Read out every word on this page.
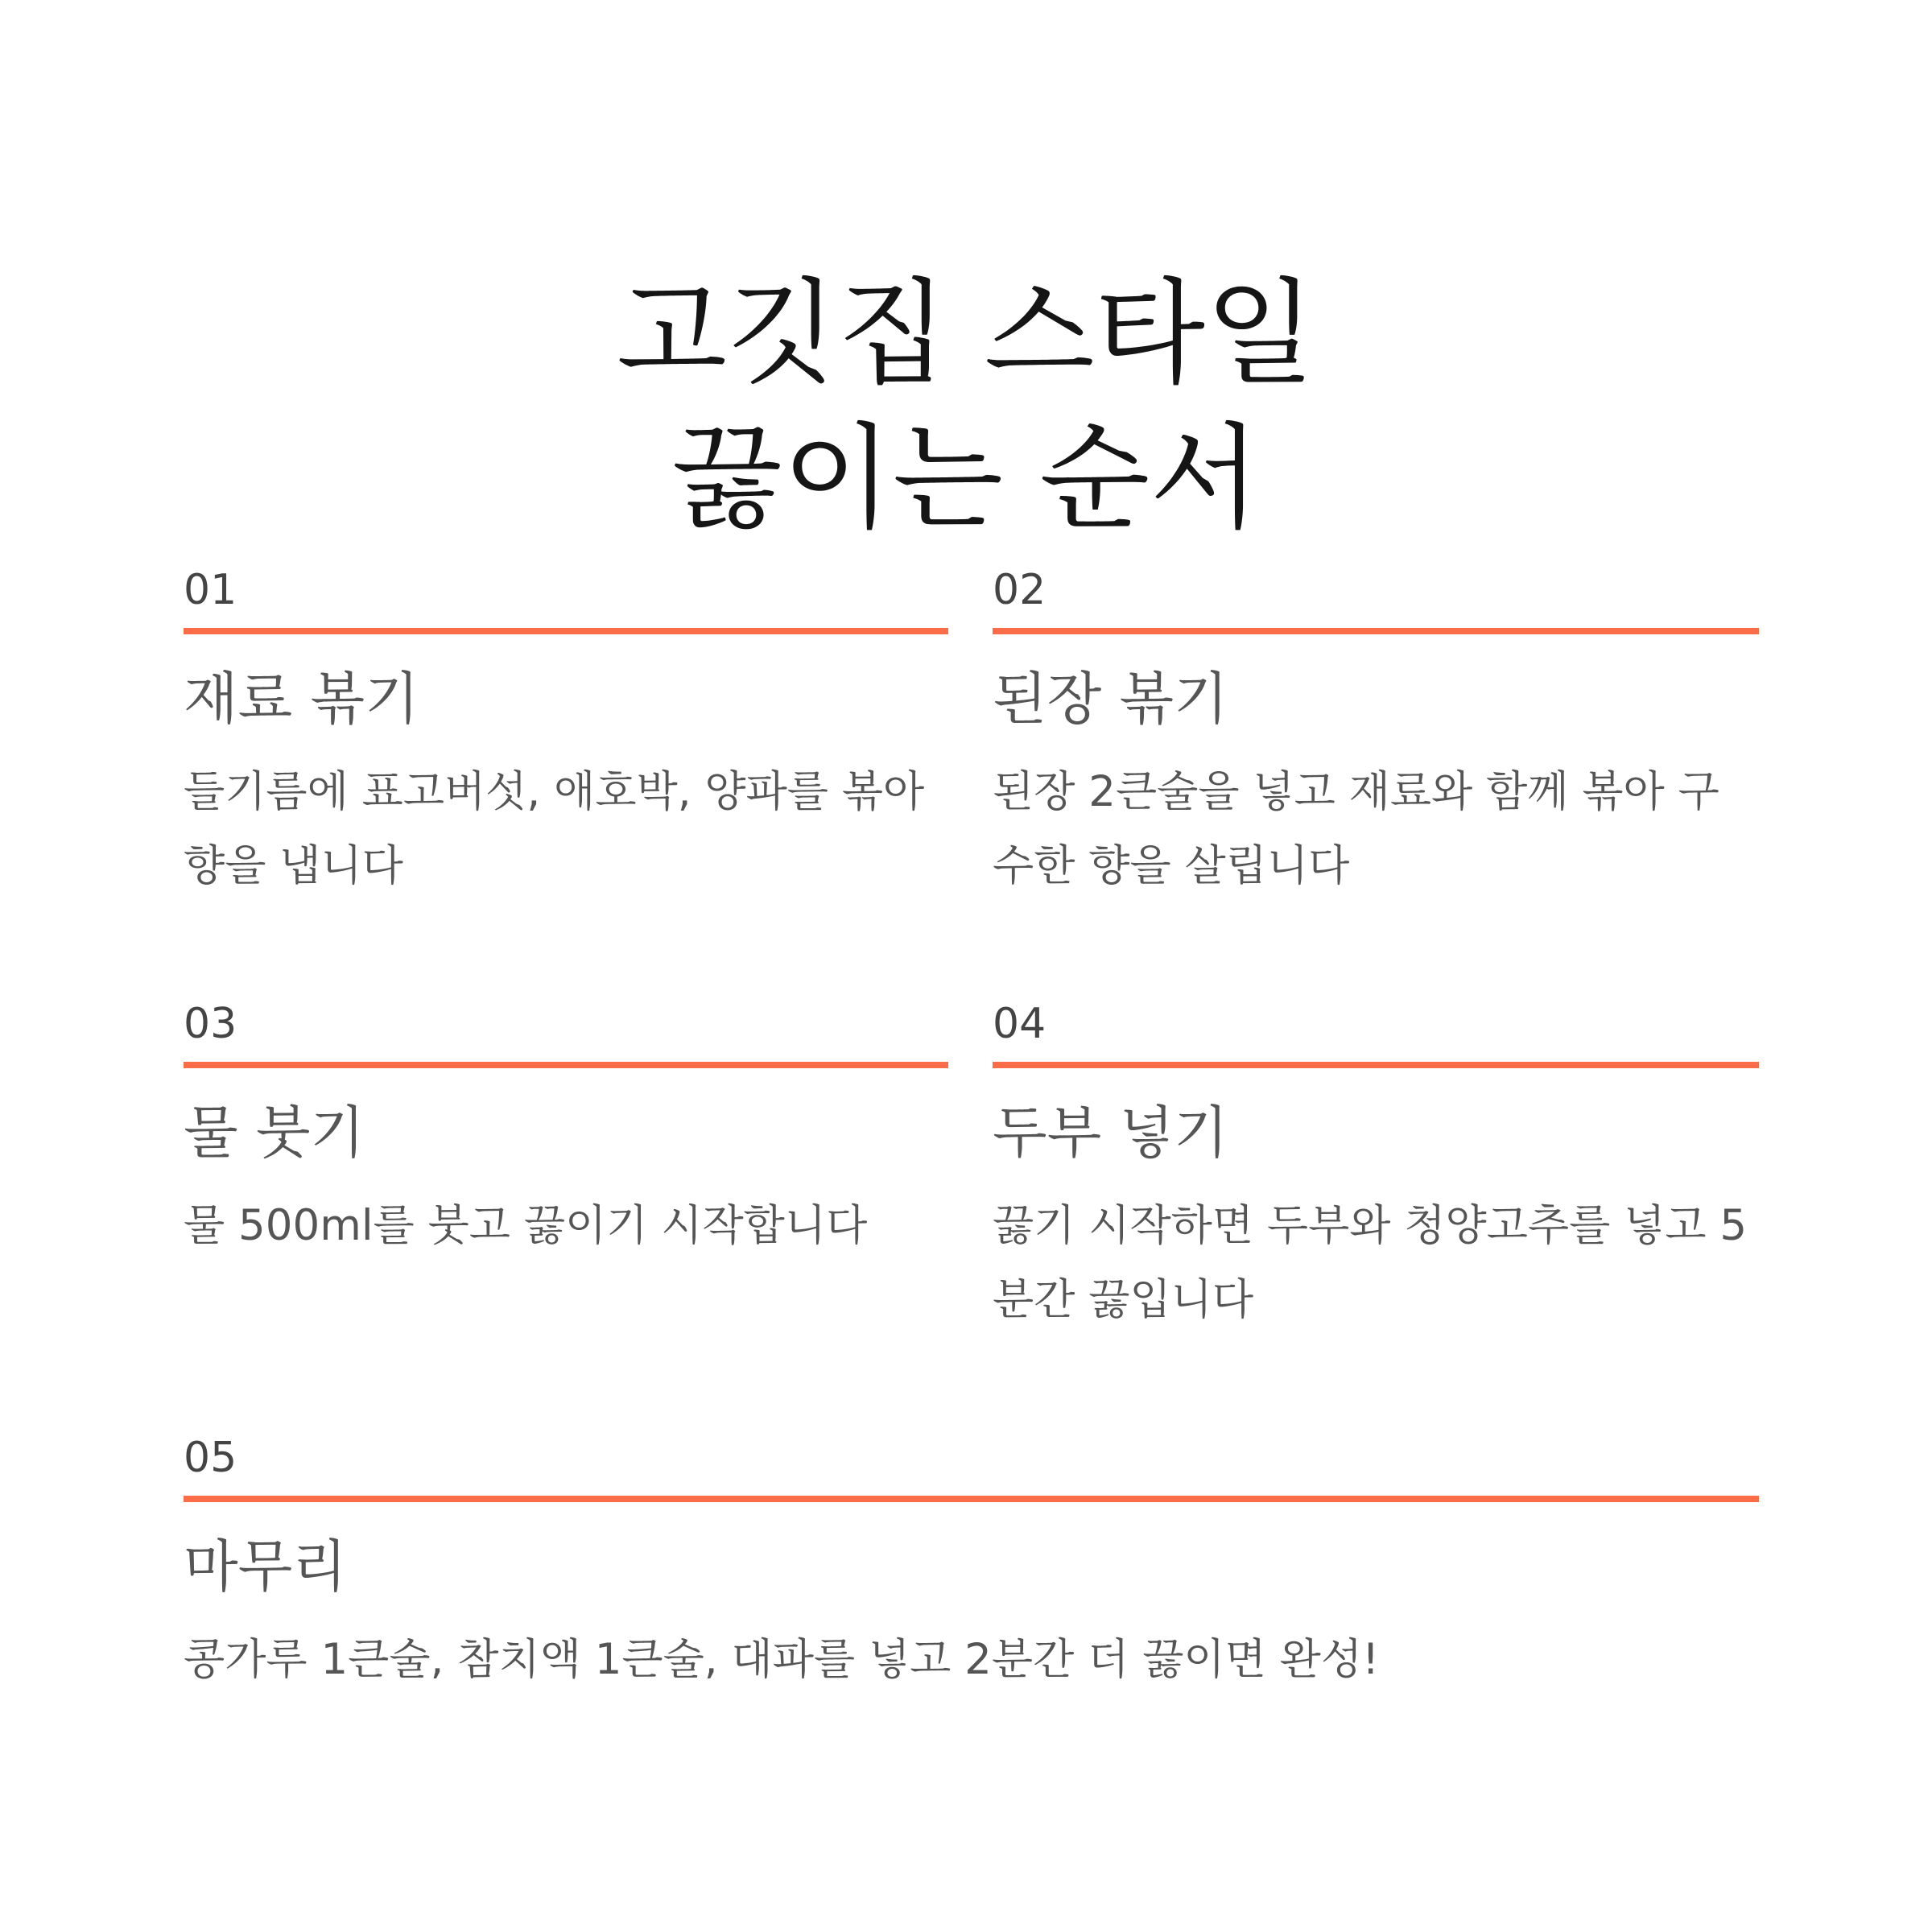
고깃집 스타일
끓이는 순서
01
재료 볶기
들기름에 표고버섯, 애호박, 양파를 볶아 향을 냅니다
02
된장 볶기
된장 2큰술을 넣고 재료와 함께 볶아 구수한 향을 살립니다
03
물 붓기
물 500ml를 붓고 끓이기 시작합니다
04
두부 넣기
끓기 시작하면 두부와 청양고추를 넣고 5분간 끓입니다
05
마무리
콩가루 1큰술, 참치액 1큰술, 대파를 넣고 2분간 더 끓이면 완성!
